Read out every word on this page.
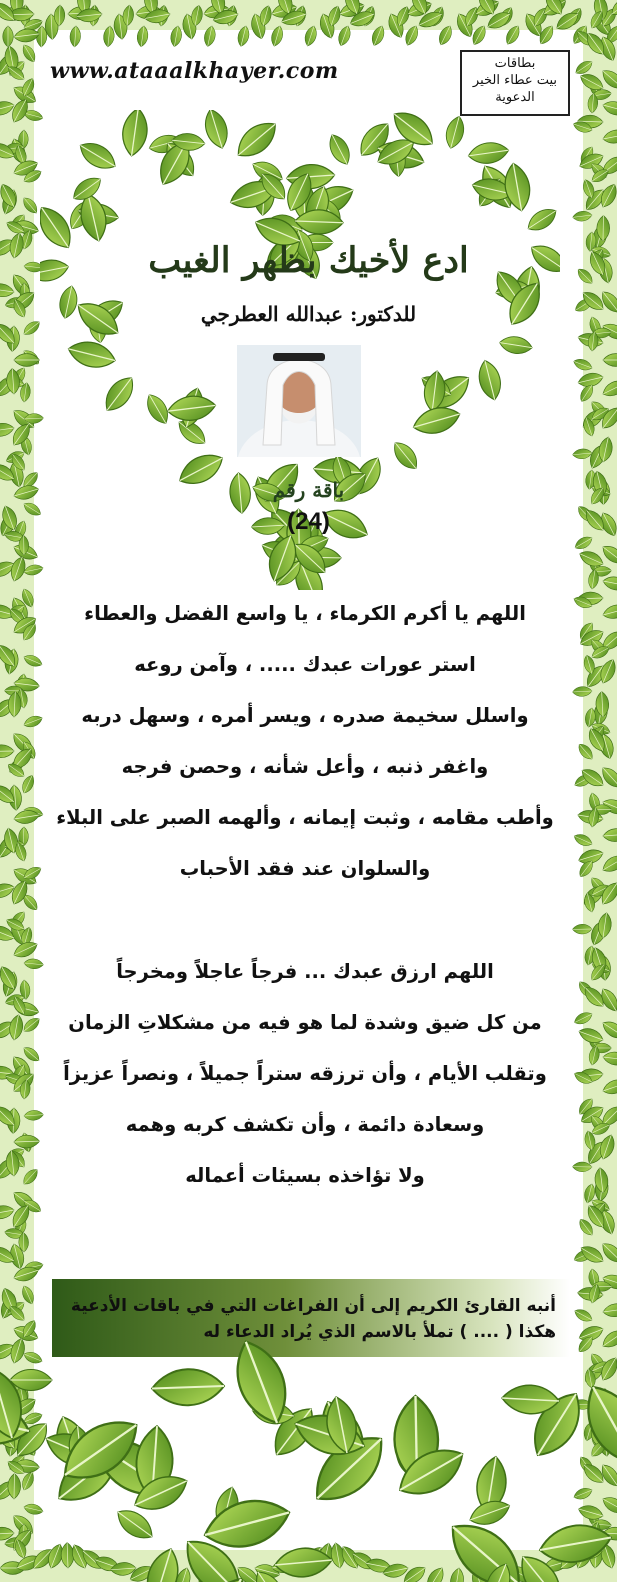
www.ataaalkhayer.com	بطاقات
بيت عطاء الخير
الدعوية
ادع لأخيك بظهر الغيب
للدكتور: عبدالله العطرجي
باقة رقم
(24)
اللهم يا أكرم الكرماء ، يا واسع الفضل والعطاء
استر عورات عبدك ..... ، وآمن روعه
واسلل سخيمة صدره ، ويسر أمره ، وسهل دربه
واغفر ذنبه ، وأعل شأنه ، وحصن فرجه
وأطب مقامه ، وثبت إيمانه ، وألهمه الصبر على البلاء
والسلوان عند فقد الأحباب
اللهم ارزق عبدك ... فرجاً عاجلاً ومخرجاً
من كل ضيق وشدة لما هو فيه من مشكلاتِ الزمان
وتقلب الأيام ، وأن ترزقه ستراً جميلاً ، ونصراً عزيزاً
وسعادة دائمة ، وأن تكشف كربه وهمه
ولا تؤاخذه بسيئات أعماله
أنبه القارئ الكريم إلى أن الفراغات التي في باقات الأدعية
هكذا ( .... ) تملأ بالاسم الذي يُراد الدعاء له
